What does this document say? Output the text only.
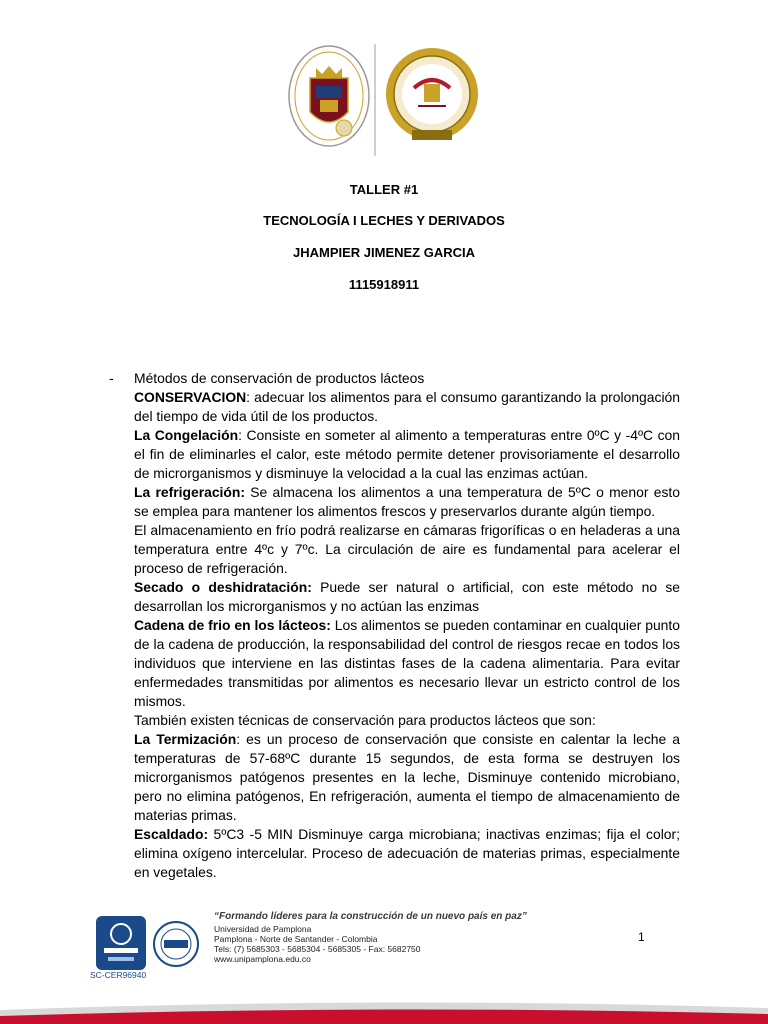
TALLER #1
TECNOLOGÍA I LECHES Y DERIVADOS
JHAMPIER JIMENEZ GARCIA
1115918911
- Métodos de conservación de productos lácteos

CONSERVACION: adecuar los alimentos para el consumo garantizando la prolongación del tiempo de vida útil de los productos.

La Congelación: Consiste en someter al alimento a temperaturas entre 0ºC y -4ºC con el fin de eliminarles el calor, este método permite detener provisoriamente el desarrollo de microrganismos y disminuye la velocidad a la cual las enzimas actúan.

La refrigeración: Se almacena los alimentos a una temperatura de 5ºC o menor esto se emplea para mantener los alimentos frescos y preservarlos durante algún tiempo.

El almacenamiento en frío podrá realizarse en cámaras frigoríficas o en heladeras a una temperatura entre 4ºc y 7ºc. La circulación de aire es fundamental para acelerar el proceso de refrigeración.

Secado o deshidratación: Puede ser natural o artificial, con este método no se desarrollan los microrganismos y no actúan las enzimas

Cadena de frio en los lácteos: Los alimentos se pueden contaminar en cualquier punto de la cadena de producción, la responsabilidad del control de riesgos recae en todos los individuos que interviene en las distintas fases de la cadena alimentaria. Para evitar enfermedades transmitidas por alimentos es necesario llevar un estricto control de los mismos.

También existen técnicas de conservación para productos lácteos que son:

La Termización: es un proceso de conservación que consiste en calentar la leche a temperaturas de 57-68ºC durante 15 segundos, de esta forma se destruyen los microrganismos patógenos presentes en la leche, Disminuye contenido microbiano, pero no elimina patógenos, En refrigeración, aumenta el tiempo de almacenamiento de materias primas.

Escaldado: 5ºC3 -5 MIN Disminuye carga microbiana; inactivas enzimas; fija el color; elimina oxígeno intercelular. Proceso de adecuación de materias primas, especialmente en vegetales.

SC-CER96940
“Formando líderes para la construcción de un nuevo país en paz”
Universidad de Pamplona
Pamplona - Norte de Santander - Colombia
Tels: (7) 5685303 - 5685304 - 5685305 - Fax: 5682750
www.unipamplona.edu.co
1
